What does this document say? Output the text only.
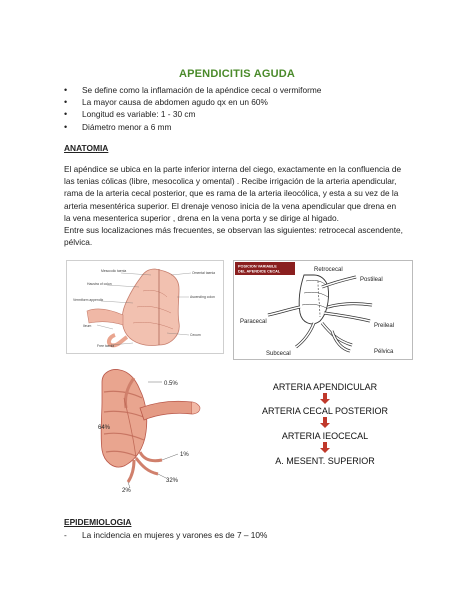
APENDICITIS AGUDA
• Se define como la inflamación de la apéndice cecal o vermiforme
• La mayor causa de abdomen agudo qx en un 60%
• Longitud es variable: 1 - 30 cm
• Diámetro menor a 6 mm
ANATOMIA
El apéndice se ubica en la parte inferior interna del ciego, exactamente en la confluencia de
las tenias cólicas (libre, mesocolica y omental) . Recibe irrigación de la arteria apendicular,
rama de la arteria cecal posterior, que es rama de la arteria ileocólica, y esta a su vez de la
arteria mesentérica superior. El drenaje venoso inicia de la vena apendicular que drena en
la vena mesenterica superior , drena en la vena porta y se dirige al higado.
Entre sus localizaciones más frecuentes, se observan las siguientes: retrocecal ascendente,
pélvica.
Mesocolic taenia	Omental taenia
Haustra of colon
Vermiform appendix
Ascending colon
Ileum
Cecum
Free taenia
POSICION VARIABLE
DEL APENDICE CECAL	Retrocecal
Postileal
Paracecal
Preileal
Subcecal	Pélvica
0.5%
64%
1%
32%
2%
ARTERIA APENDICULAR
ARTERIA CECAL POSTERIOR
ARTERIA IEOCECAL
A. MESENT. SUPERIOR
EPIDEMIOLOGIA
- La incidencia en mujeres y varones es de 7 – 10%
